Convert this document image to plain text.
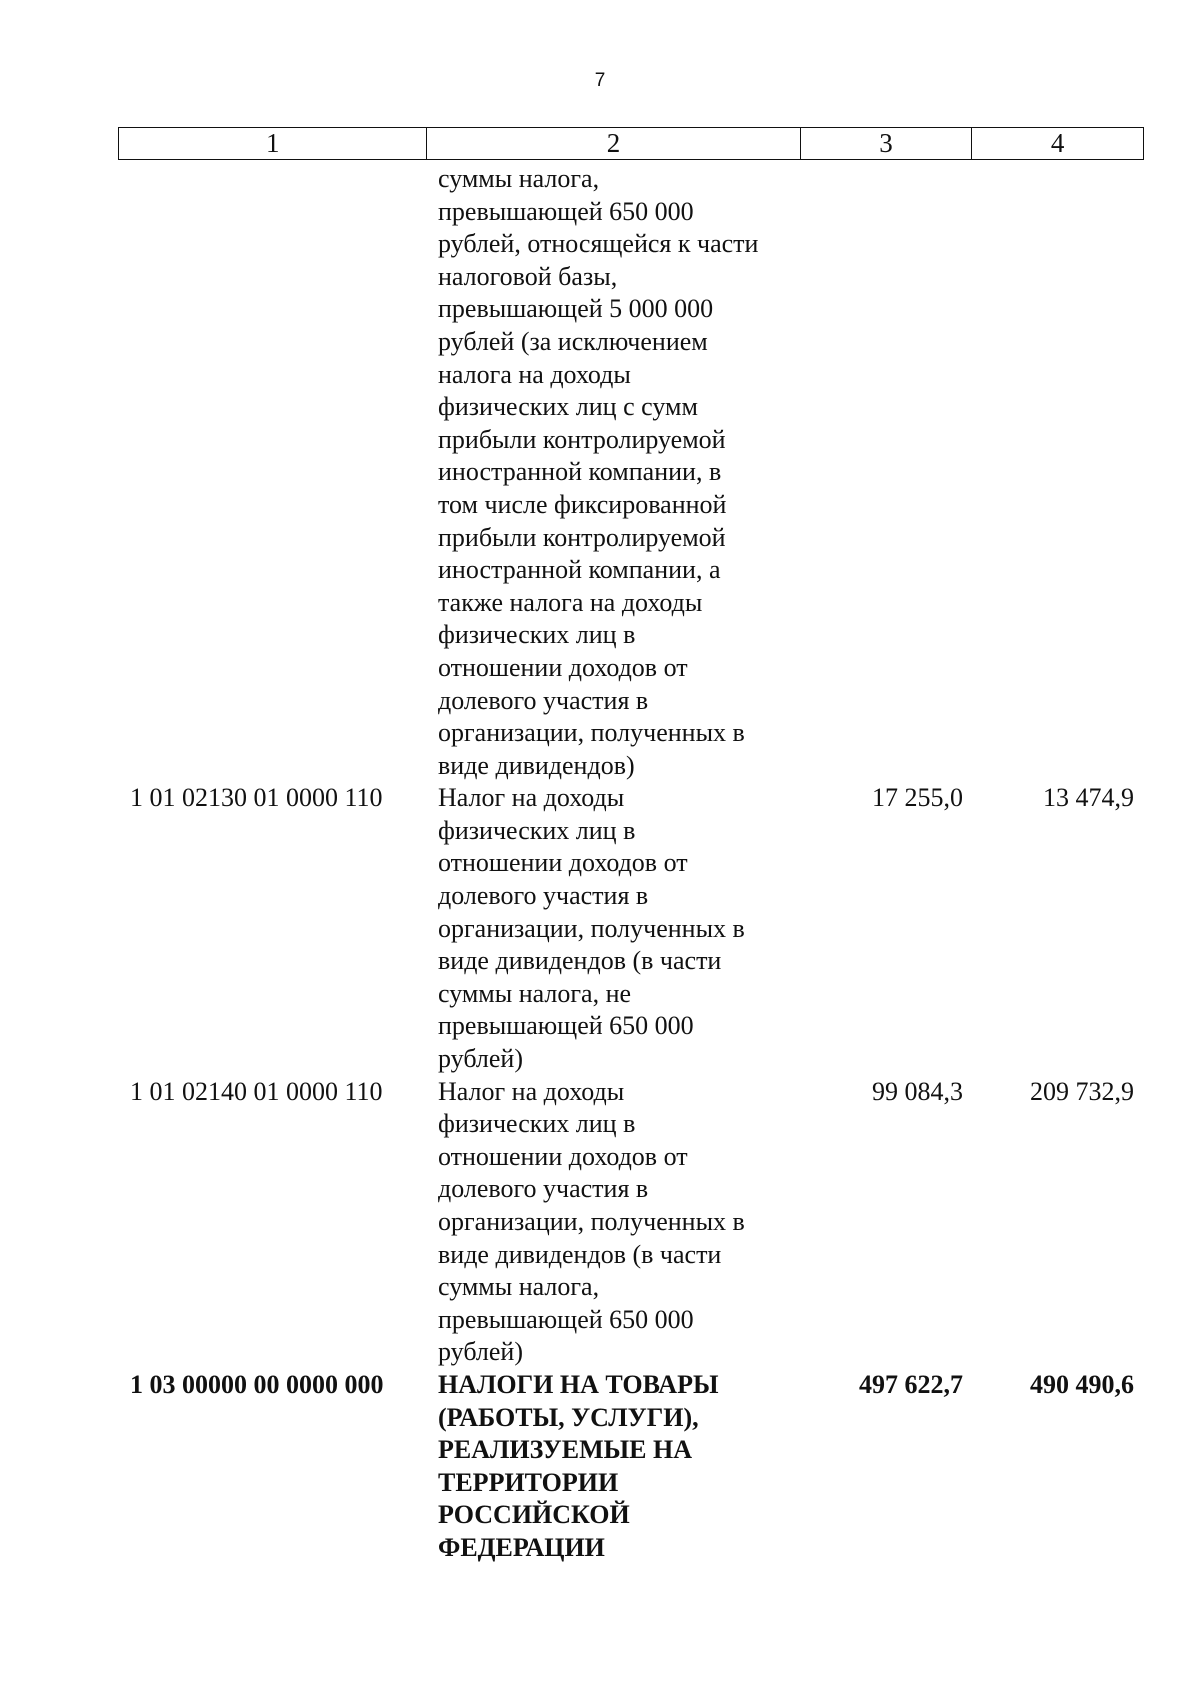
7
1	2	3	4
суммы налога,
превышающей 650 000
рублей, относящейся к части
налоговой базы,
превышающей 5 000 000
рублей (за исключением
налога на доходы
физических лиц с сумм
прибыли контролируемой
иностранной компании, в
том числе фиксированной
прибыли контролируемой
иностранной компании, а
также налога на доходы
физических лиц в
отношении доходов от
долевого участия в
организации, полученных в
виде дивидендов)
1 01 02130 01 0000 110	Налог на доходы
физических лиц в
отношении доходов от
долевого участия в
организации, полученных в
виде дивидендов (в части
суммы налога, не
превышающей 650 000
рублей)
17 255,0	13 474,9
1 01 02140 01 0000 110	Налог на доходы
физических лиц в
отношении доходов от
долевого участия в
организации, полученных в
виде дивидендов (в части
суммы налога,
превышающей 650 000
рублей)
99 084,3	209 732,9
1 03 00000 00 0000 000	НАЛОГИ НА ТОВАРЫ
(РАБОТЫ, УСЛУГИ),
РЕАЛИЗУЕМЫЕ НА
ТЕРРИТОРИИ
РОССИЙСКОЙ
ФЕДЕРАЦИИ
497 622,7	490 490,6
